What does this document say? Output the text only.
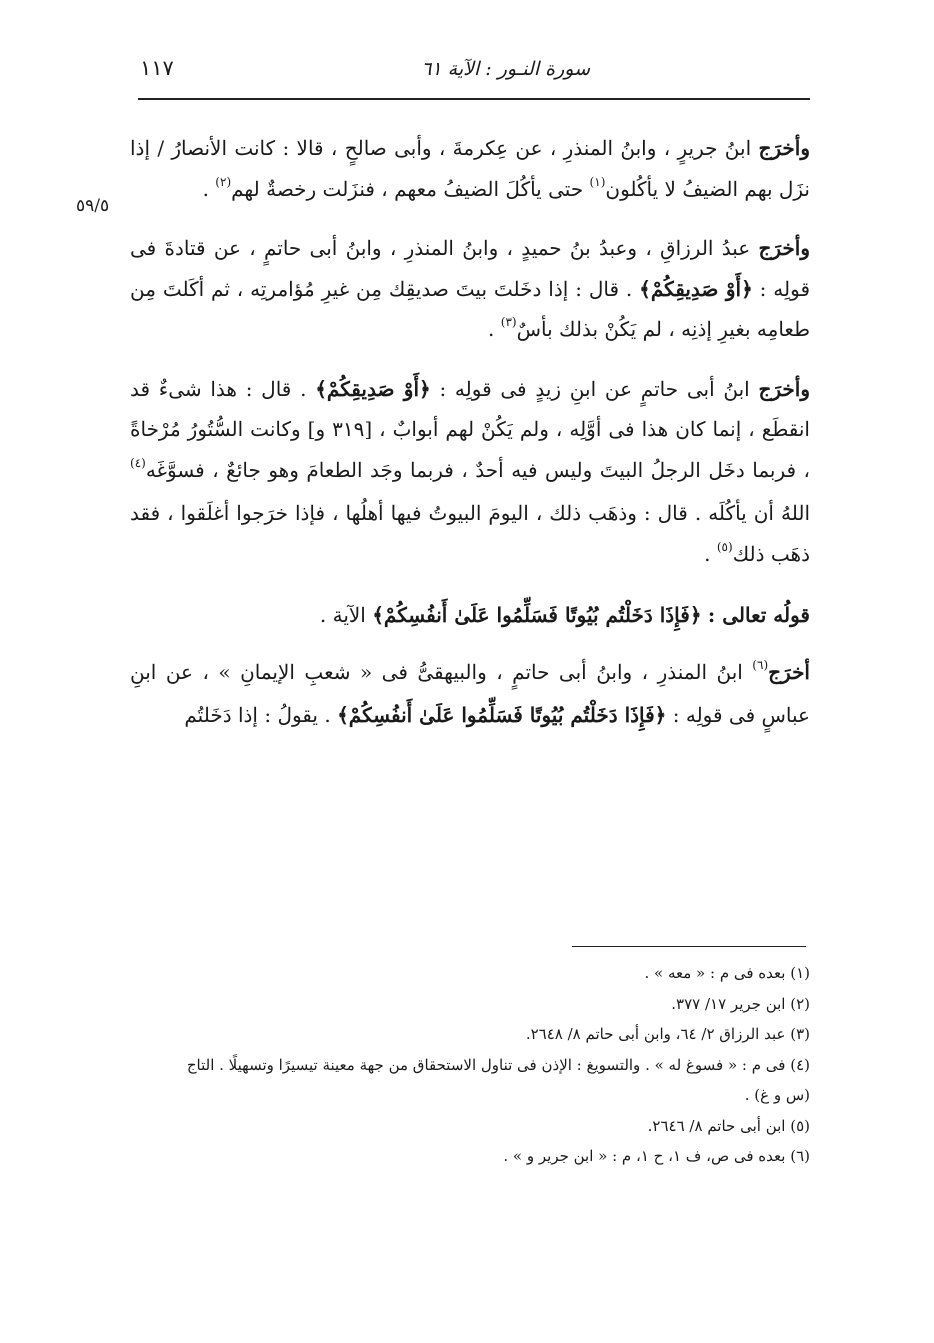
١١٧	سورة النـور : الآية ٦١
٥٩/٥

وأخرَج ابنُ جريرٍ ، وابنُ المنذرِ ، عن عِكرمةَ ، وأبى صالحٍ ، قالا : كانت الأنصارُ / إذا نزَل بهم الضيفُ لا يأكُلون$^{(١)}$ حتى يأكُلَ الضيفُ معهم ، فنزَلت رخصةٌ لهم$^{(٢)}$ .

وأخرَج عبدُ الرزاقِ ، وعبدُ بنُ حميدٍ ، وابنُ المنذرِ ، وابنُ أبى حاتمٍ ، عن قتادةَ فى قولِه : ﴿أَوْ صَدِيقِكُمْ﴾ . قال : إذا دخَلتَ بيتَ صديقِك مِن غيرِ مُؤامرتِه ، ثم أكَلتَ مِن طعامِه بغيرِ إذنِه ، لم يَكُنْ بذلك بأسٌ$^{(٣)}$ .

وأخرَج ابنُ أبى حاتمٍ عن ابنِ زيدٍ فى قولِه : ﴿أَوْ صَدِيقِكُمْ﴾ . قال : هذا شىءٌ قد انقطَع ، إنما كان هذا فى أوَّلِه ، ولم يَكُنْ لهم أبوابٌ ، [٣١٩ و] وكانت السُّتُورُ مُرْخاةً ، فربما دخَل الرجلُ البيتَ وليس فيه أحدٌ ، فربما وجَد الطعامَ وهو جائعٌ ، فسوَّغَه$^{(٤)}$ اللهُ أن يأكُلَه . قال : وذهَب ذلك ، اليومَ البيوتُ فيها أهلُها ، فإذا خرَجوا أغلَقوا ، فقد ذهَب ذلك$^{(٥)}$ .

قولُه تعالى : ﴿فَإِذَا دَخَلْتُم بُيُوتًا فَسَلِّمُوا عَلَىٰ أَنفُسِكُمْ﴾ الآية .

أخرَج$^{(٦)}$ ابنُ المنذرِ ، وابنُ أبى حاتمٍ ، والبيهقىُّ فى « شعبِ الإيمانِ » ، عن ابنِ عباسٍ فى قولِه : ﴿فَإِذَا دَخَلْتُم بُيُوتًا فَسَلِّمُوا عَلَىٰ أَنفُسِكُمْ﴾ . يقولُ : إذا دَخَلتُم

(١) بعده فى م : « معه » .

(٢) ابن جرير ١٧/ ٣٧٧.

(٣) عبد الرزاق ٢/ ٦٤، وابن أبى حاتم ٨/ ٢٦٤٨.

(٤) فى م : « فسوغ له » . والتسويغ : الإذن فى تناول الاستحقاق من جهة معينة تيسيرًا وتسهيلًا . التاج

(س و غ) .

(٥) ابن أبى حاتم ٨/ ٢٦٤٦.

(٦) بعده فى ص، ف ١، ح ١، م : « ابن جرير و » .
